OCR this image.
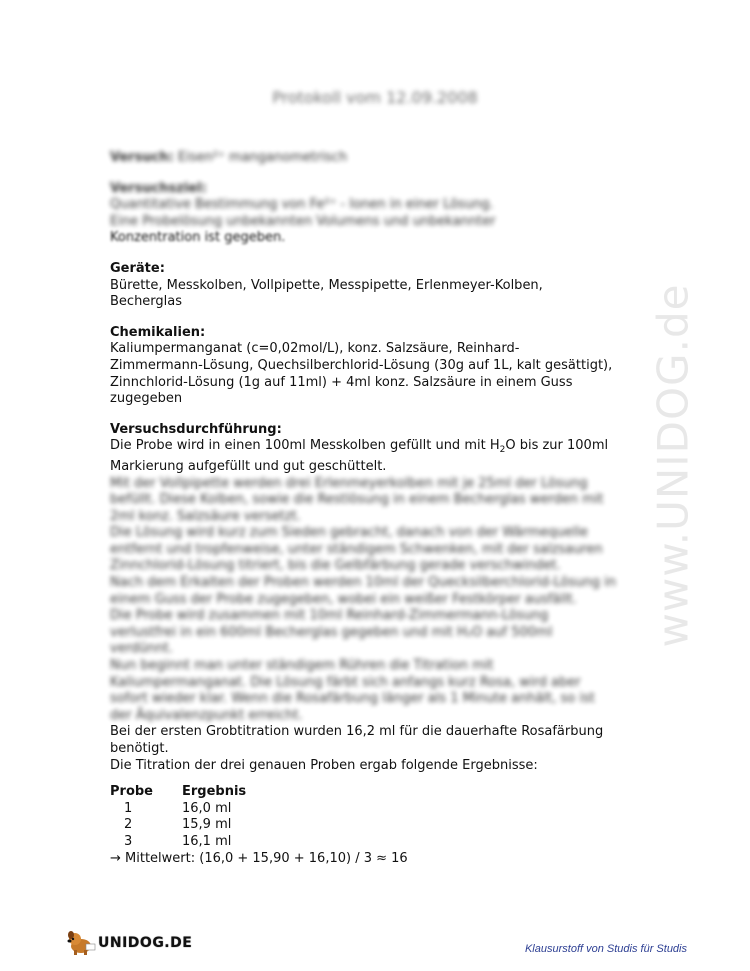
www.UNIDOG.de
Protokoll vom 12.09.2008
Versuch: Eisen²⁺ manganometrisch
Versuchsziel:
Quantitative Bestimmung von Fe²⁺ - Ionen in einer Lösung.
Eine Probelösung unbekannten Volumens und unbekannter
Konzentration ist gegeben.
Geräte:
Bürette, Messkolben, Vollpipette, Messpipette, Erlenmeyer-Kolben,
Becherglas
Chemikalien:
Kaliumpermanganat (c=0,02mol/L), konz. Salzsäure, Reinhard-
Zimmermann-Lösung, Quechsilberchlorid-Lösung (30g auf 1L, kalt gesättigt),
Zinnchlorid-Lösung (1g auf 11ml) + 4ml konz. Salzsäure in einem Guss
zugegeben
Versuchsdurchführung:
Die Probe wird in einen 100ml Messkolben gefüllt und mit $H_2O$ bis zur 100ml
Markierung aufgefüllt und gut geschüttelt.
Mit der Vollpipette werden drei Erlenmeyerkolben mit je 25ml der Lösung
befüllt. Diese Kolben, sowie die Restlösung in einem Becherglas werden mit
2ml konz. Salzsäure versetzt.
Die Lösung wird kurz zum Sieden gebracht, danach von der Wärmequelle
entfernt und tropfenweise, unter ständigem Schwenken, mit der salzsauren
Zinnchlorid-Lösung titriert, bis die Gelbfärbung gerade verschwindet.
Nach dem Erkalten der Proben werden 10ml der Quecksilberchlorid-Lösung in
einem Guss der Probe zugegeben, wobei ein weißer Festkörper ausfällt.
Die Probe wird zusammen mit 10ml Reinhard-Zimmermann-Lösung
verlustfrei in ein 600ml Becherglas gegeben und mit H₂O auf 500ml
verdünnt.
Nun beginnt man unter ständigem Rühren die Titration mit
Kaliumpermanganat. Die Lösung färbt sich anfangs kurz Rosa, wird aber
sofort wieder klar. Wenn die Rosafärbung länger als 1 Minute anhält, so ist
der Äquivalenzpunkt erreicht.
Bei der ersten Grobtitration wurden 16,2 ml für die dauerhafte Rosafärbung
benötigt.
Die Titration der drei genauen Proben ergab folgende Ergebnisse:
Probe	Ergebnis
1	16,0 ml
2	15,9 ml
3	16,1 ml
→ Mittelwert: (16,0 + 15,90 + 16,10) / 3 ≈ 16
UNIDOG.DE	Klausurstoff von Studis für Studis
